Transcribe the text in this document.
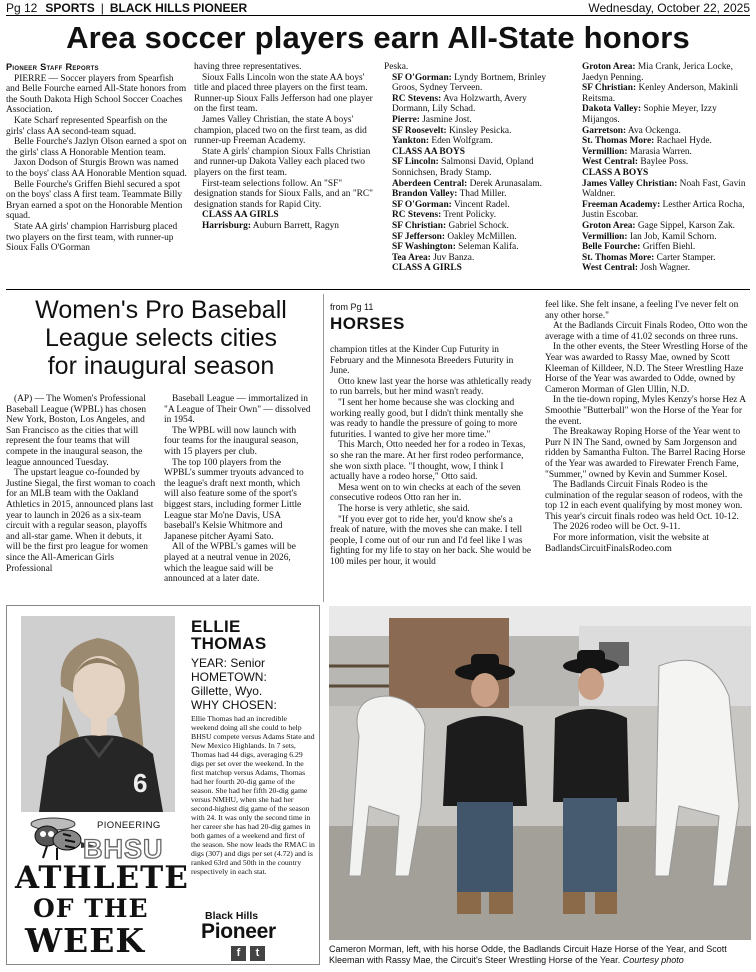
Pg 12 SPORTS | BLACK HILLS PIONEER	Wednesday, October 22, 2025
Area soccer players earn All-State honors
Pioneer Staff Reports

PIERRE — Soccer players from Spearfish and Belle Fourche earned All-State honors from the South Dakota High School Soccer Coaches Association.

Kate Scharf represented Spearfish on the girls' class AA second-team squad.

Belle Fourche's Jazlyn Olson earned a spot on the girls' class A Honorable Mention team.

Jaxon Dodson of Sturgis Brown was named to the boys' class AA Honorable Mention squad.

Belle Fourche's Griffen Biehl secured a spot on the boys' class A first team. Teammate Billy Bryan earned a spot on the Honorable Mention squad.

State AA girls' champion Harrisburg placed two players on the first team, with runner-up Sioux Falls O'Gorman

having three representatives.

Sioux Falls Lincoln won the state AA boys' title and placed three players on the first team. Runner-up Sioux Falls Jefferson had one player on the first team.

James Valley Christian, the state A boys' champion, placed two on the first team, as did runner-up Freeman Academy.

State A girls' champion Sioux Falls Christian and runner-up Dakota Valley each placed two players on the first team.

First-team selections follow. An "SF" designation stands for Sioux Falls, and an "RC" designation stands for Rapid City.

CLASS AA GIRLS
Harrisburg: Auburn Barrett, Ragyn
Peska.
SF O'Gorman: Lyndy Bortnem, Brinley Groos, Sydney Terveen.
RC Stevens: Ava Holzwarth, Avery Dormann, Lily Schad.
Pierre: Jasmine Jost.
SF Roosevelt: Kinsley Pesicka.
Yankton: Eden Wolfgram.
CLASS AA BOYS
SF Lincoln: Salmonsi David, Opland Sonnichsen, Brady Stamp.
Aberdeen Central: Derek Arunasalam.
Brandon Valley: Thad Miller.
SF O'Gorman: Vincent Radel.
RC Stevens: Trent Policky.
SF Christian: Gabriel Schock.
SF Jefferson: Oakley McMillen.
SF Washington: Seleman Kalifa.
Tea Area: Juv Banza.
CLASS A GIRLS
Groton Area: Mia Crank, Jerica Locke, Jaedyn Penning.
SF Christian: Kenley Anderson, Makinli Reitsma.
Dakota Valley: Sophie Meyer, Izzy Mijangos.
Garretson: Ava Ockenga.
St. Thomas More: Rachael Hyde.
Vermillion: Marasia Warren.
West Central: Baylee Poss.
CLASS A BOYS
James Valley Christian: Noah Fast, Gavin Waldner.
Freeman Academy: Lesther Artica Rocha, Justin Escobar.
Groton Area: Gage Sippel, Karson Zak.
Vermillion: Ian Job, Kamil Schorn.
Belle Fourche: Griffen Biehl.
St. Thomas More: Carter Stamper.
West Central: Josh Wagner.
Women's Pro Baseball
League selects cities
for inaugural season

(AP) — The Women's Professional Baseball League (WPBL) has chosen New York, Boston, Los Angeles, and San Francisco as the cities that will represent the four teams that will compete in the inaugural season, the league announced Tuesday.

The upstart league co-founded by Justine Siegal, the first woman to coach for an MLB team with the Oakland Athletics in 2015, announced plans last year to launch in 2026 as a six-team circuit with a regular season, playoffs and all-star game. When it debuts, it will be the first pro league for women since the All-American Girls Professional

Baseball League — immortalized in "A League of Their Own" — dissolved in 1954.

The WPBL will now launch with four teams for the inaugural season, with 15 players per club.

The top 100 players from the WPBL's summer tryouts advanced to the league's draft next month, which will also feature some of the sport's biggest stars, including former Little League star Mo'ne Davis, USA baseball's Kelsie Whitmore and Japanese pitcher Ayami Sato.

All of the WPBL's games will be played at a neutral venue in 2026, which the league said will be announced at a later date.

from Pg 11
HORSES

champion titles at the Kinder Cup Futurity in February and the Minnesota Breeders Futurity in June.

Otto knew last year the horse was athletically ready to run barrels, but her mind wasn't ready.

"I sent her home because she was clocking and working really good, but I didn't think mentally she was ready to handle the pressure of going to more futurities. I wanted to give her more time."

This March, Otto needed her for a rodeo in Texas, so she ran the mare. At her first rodeo performance, she won sixth place. "I thought, wow, I think I actually have a rodeo horse," Otto said.

Mesa went on to win checks at each of the seven consecutive rodeos Otto ran her in.

The horse is very athletic, she said.

"If you ever got to ride her, you'd know she's a freak of nature, with the moves she can make. I tell people, I come out of our run and I'd feel like I was fighting for my life to stay on her back. She would be 100 miles per hour, it would

feel like. She felt insane, a feeling I've never felt on any other horse."

At the Badlands Circuit Finals Rodeo, Otto won the average with a time of 41.02 seconds on three runs.

In the other events, the Steer Wrestling Horse of the Year was awarded to Rassy Mae, owned by Scott Kleeman of Killdeer, N.D. The Steer Wrestling Haze Horse of the Year was awarded to Odde, owned by Cameron Morman of Glen Ullin, N.D.

In the tie-down roping, Myles Kenzy's horse Hez A Smoothie "Butterball" won the Horse of the Year for the event.

The Breakaway Roping Horse of the Year went to Purr N IN The Sand, owned by Sam Jorgenson and ridden by Samantha Fulton. The Barrel Racing Horse of the Year was awarded to Firewater French Fame, "Summer," owned by Kevin and Summer Kosel.

The Badlands Circuit Finals Rodeo is the culmination of the regular season of rodeos, with the top 12 in each event qualifying by most money won. This year's circuit finals rodeo was held Oct. 10-12.

The 2026 rodeo will be Oct. 9-11.

For more information, visit the website at BadlandsCircuitFinalsRodeo.com

6
PIONEERING
BHSU
ATHLETE
OF THE
WEEK
ELLIE
THOMAS
YEAR: Senior
HOMETOWN:
Gillette, Wyo.
WHY CHOSEN:
Ellie Thomas had an incredible weekend doing all she could to help BHSU compete versus Adams State and New Mexico Highlands. In 7 sets, Thomas had 44 digs, averaging 6.29 digs per set over the weekend. In the first matchup versus Adams, Thomas had her fourth 20-dig game of the season. She had her fifth 20-dig game versus NMHU, when she had her second-highest dig game of the season with 24. It was only the second time in her career she has had 20-dig games in both games of a weekend and first of the season. She now leads the RMAC in digs (307) and digs per set (4.72) and is ranked 63rd and 50th in the country respectively in each stat.
Black Hills
Pioneer
f	t	Cameron Morman, left, with his horse Odde, the Badlands Circuit Haze Horse of the Year, and Scott Kleeman with Rassy Mae, the Circuit's Steer Wrestling Horse of the Year. Courtesy photo
